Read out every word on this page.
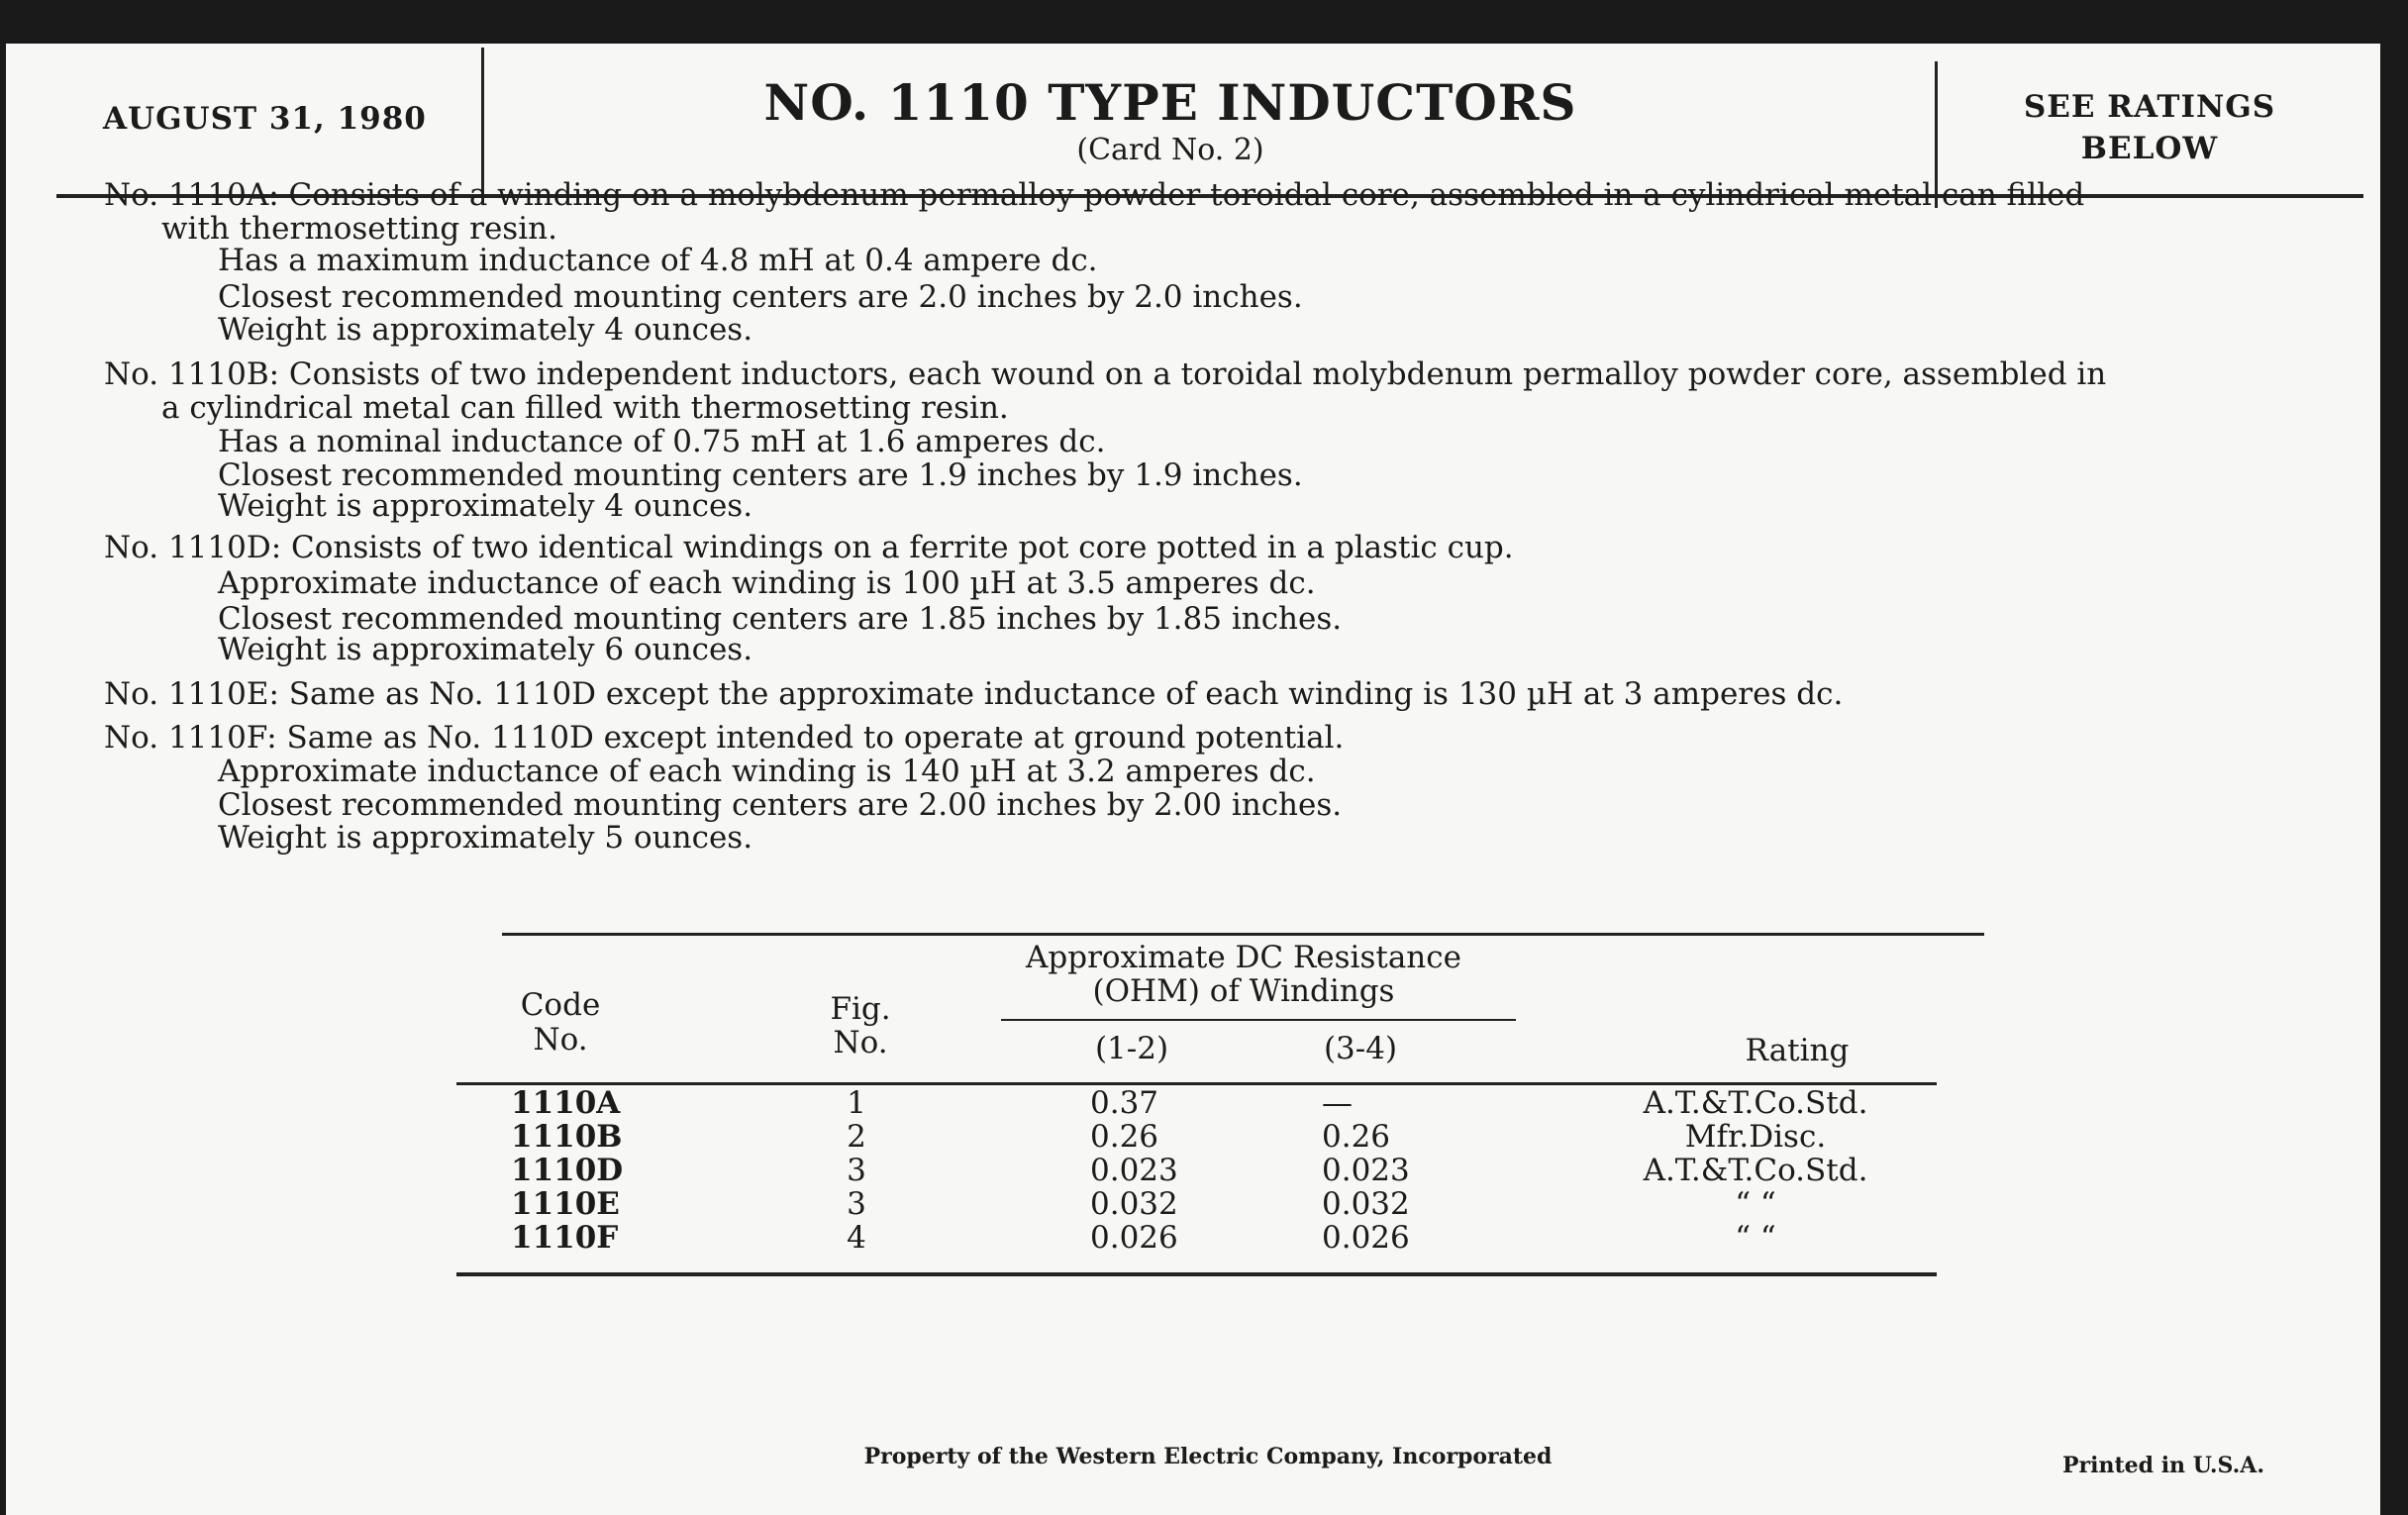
AUGUST 31, 1980	NO. 1110 TYPE INDUCTORS
(Card No. 2)
SEE RATINGS
BELOW
No. 1110A: Consists of a winding on a molybdenum permalloy powder toroidal core, assembled in a cylindrical metal can filled
with thermosetting resin.
Has a maximum inductance of 4.8 mH at 0.4 ampere dc.
Closest recommended mounting centers are 2.0 inches by 2.0 inches.
Weight is approximately 4 ounces.
No. 1110B: Consists of two independent inductors, each wound on a toroidal molybdenum permalloy powder core, assembled in
a cylindrical metal can filled with thermosetting resin.
Has a nominal inductance of 0.75 mH at 1.6 amperes dc.
Closest recommended mounting centers are 1.9 inches by 1.9 inches.
Weight is approximately 4 ounces.
No. 1110D: Consists of two identical windings on a ferrite pot core potted in a plastic cup.
Approximate inductance of each winding is 100 µH at 3.5 amperes dc.
Closest recommended mounting centers are 1.85 inches by 1.85 inches.
Weight is approximately 6 ounces.
No. 1110E: Same as No. 1110D except the approximate inductance of each winding is 130 µH at 3 amperes dc.
No. 1110F: Same as No. 1110D except intended to operate at ground potential.
Approximate inductance of each winding is 140 µH at 3.2 amperes dc.
Closest recommended mounting centers are 2.00 inches by 2.00 inches.
Weight is approximately 5 ounces.
Approximate DC Resistance
(OHM) of Windings
Code
No.
Fig.
No.	(1-2)	(3-4)	Rating
1110A	1	0.37	—	A.T.&T.Co.Std.
1110B	2	0.26	0.26	Mfr.Disc.
1110D	3	0.023	0.023	A.T.&T.Co.Std.
1110E	3	0.032	0.032	“ “
1110F	4	0.026	0.026	“ “
Property of the Western Electric Company, Incorporated	Printed in U.S.A.
